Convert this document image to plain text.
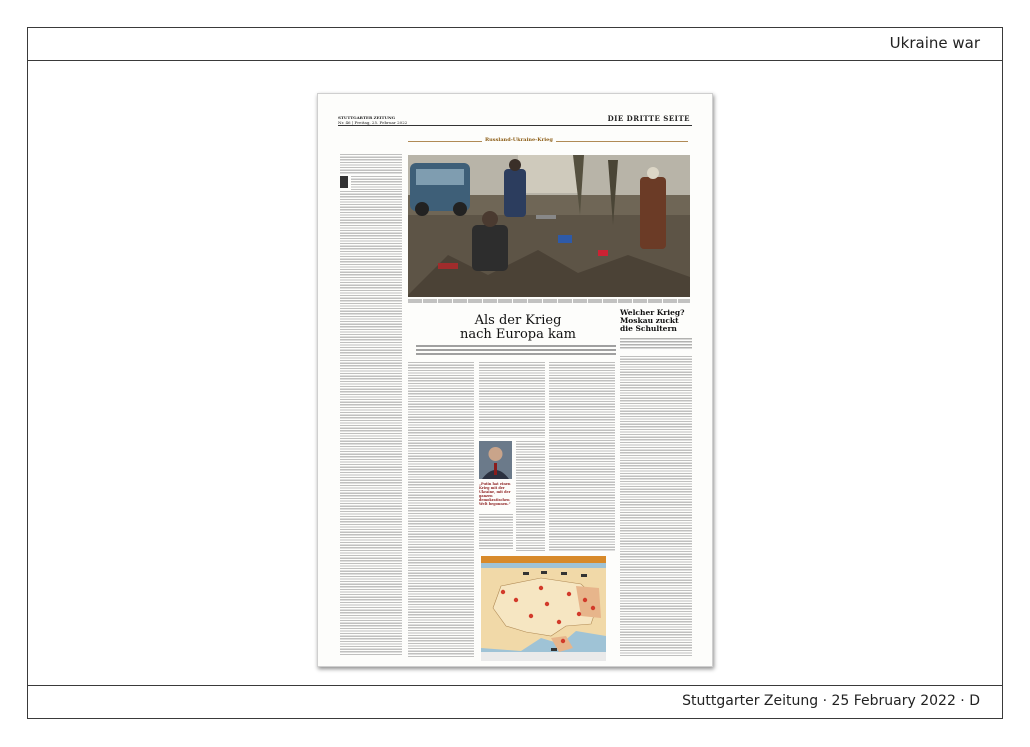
Ukraine war
Stuttgarter Zeitung · 25 February 2022 · D
STUTTGARTER ZEITUNG
Nr. 46 | Freitag, 25. Februar 2022	DIE DRITTE SEITE
Russland-Ukraine-Krieg
Als der Krieg
nach Europa kam
Welcher Krieg?
Moskau zuckt
die Schultern
„Putin hat einen Krieg mit der Ukraine, mit der ganzen demokratischen Welt begonnen.“
